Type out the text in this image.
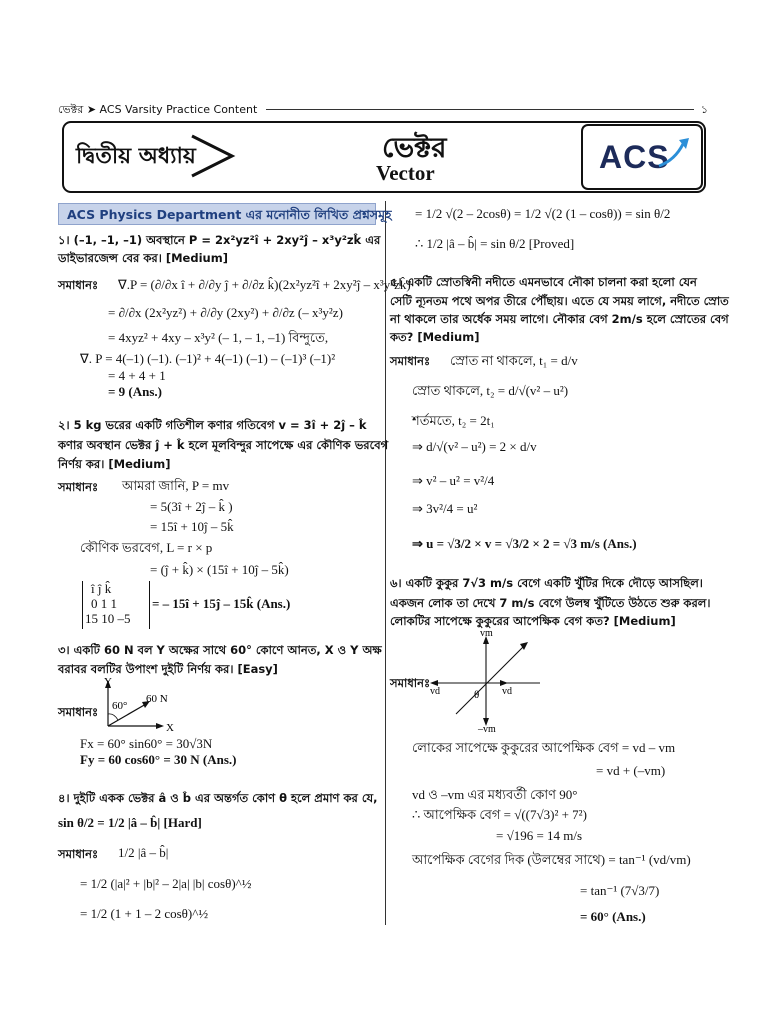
ভেক্টর ➤ ACS Varsity Practice Content	১
দ্বিতীয় অধ্যায়	ভেক্টর
Vector	ACS
ACS Physics Department এর মনোনীত লিখিত প্রশ্নসমূহ
১। (–1, –1, –1) অবস্থানে P = 2x²yz²î + 2xy²ĵ – x³y²zk̂ এর
ডাইভারজেন্স বের কর। [Medium]
সমাধানঃ ∇.P = (∂/∂x î + ∂/∂y ĵ + ∂/∂z k̂)(2x²yz²î + 2xy²ĵ – x³y²zk̂)
= ∂/∂x (2x²yz²) + ∂/∂y (2xy²) + ∂/∂z (– x³y²z)
= 4xyz² + 4xy – x³y² (– 1, – 1, –1) বিন্দুতে,
∇. P = 4(–1) (–1). (–1)² + 4(–1) (–1) – (–1)³ (–1)²
= 4 + 4 + 1
= 9 (Ans.)
২। 5 kg ভরের একটি গতিশীল কণার গতিবেগ v = 3î + 2ĵ – k̂
কণার অবস্থান ভেক্টর ĵ + k̂ হলে মূলবিন্দুর সাপেক্ষে এর কৌণিক ভরবেগ
নির্ণয় কর। [Medium]
সমাধানঃ আমরা জানি, P = mv
= 5(3î + 2ĵ – k̂ )
= 15î + 10ĵ – 5k̂
কৌণিক ভরবেগ, L = r × p
= (ĵ + k̂) × (15î + 10ĵ – 5k̂)
î ĵ k̂
0 1 1
15 10 –5
= – 15î + 15ĵ – 15k̂ (Ans.)
৩। একটি 60 N বল Y অক্ষের সাথে 60° কোণে আনত, X ও Y অক্ষ
বরাবর বলটির উপাংশ দুইটি নির্ণয় কর। [Easy]
সমাধানঃ
Y
X
60°
60 N
Fx = 60° sin60° = 30√3N
Fy = 60 cos60° = 30 N (Ans.)
৪। দুইটি একক ভেক্টর â ও b̂ এর অন্তর্গত কোণ θ হলে প্রমাণ কর যে,
sin θ/2 = 1/2 |â – b̂| [Hard]
সমাধানঃ 1/2 |â – b̂|
= 1/2 (|a|² + |b|² – 2|a| |b| cosθ)^½
= 1/2 (1 + 1 – 2 cosθ)^½
= 1/2 √(2 – 2cosθ) = 1/2 √(2 (1 – cosθ)) = sin θ/2
∴ 1/2 |â – b̂| = sin θ/2 [Proved]
৫। একটি স্রোতস্বিনী নদীতে এমনভাবে নৌকা চালনা করা হলো যেন
সেটি ন্যূনতম পথে অপর তীরে পৌঁছায়। এতে যে সময় লাগে, নদীতে স্রোত
না থাকলে তার অর্ধেক সময় লাগে। নৌকার বেগ 2m/s হলে স্রোতের বেগ
কত? [Medium]
সমাধানঃ স্রোত না থাকলে, t₁ = d/v
স্রোত থাকলে, t₂ = d/√(v² – u²)
শর্তমতে, t₂ = 2t₁
⇒ d/√(v² – u²) = 2 × d/v
⇒ v² – u² = v²/4
⇒ 3v²/4 = u²
⇒ u = √3/2 × v = √3/2 × 2 = √3 m/s (Ans.)
৬। একটি কুকুর 7√3 m/s বেগে একটি খুঁটির দিকে দৌড়ে আসছিল।
একজন লোক তা দেখে 7 m/s বেগে উলম্ব খুঁটিতে উঠতে শুরু করল।
লোকটির সাপেক্ষে কুকুরের আপেক্ষিক বেগ কত? [Medium]
সমাধানঃ
vm
–vm
vd	vd
θ
লোকের সাপেক্ষে কুকুরের আপেক্ষিক বেগ = vd – vm
= vd + (–vm)
vd ও –vm এর মধ্যবর্তী কোণ 90°
∴ আপেক্ষিক বেগ = √((7√3)² + 7²)
= √196 = 14 m/s
আপেক্ষিক বেগের দিক (উলম্বের সাথে) = tan⁻¹ (vd/vm)
= tan⁻¹ (7√3/7)
= 60° (Ans.)
